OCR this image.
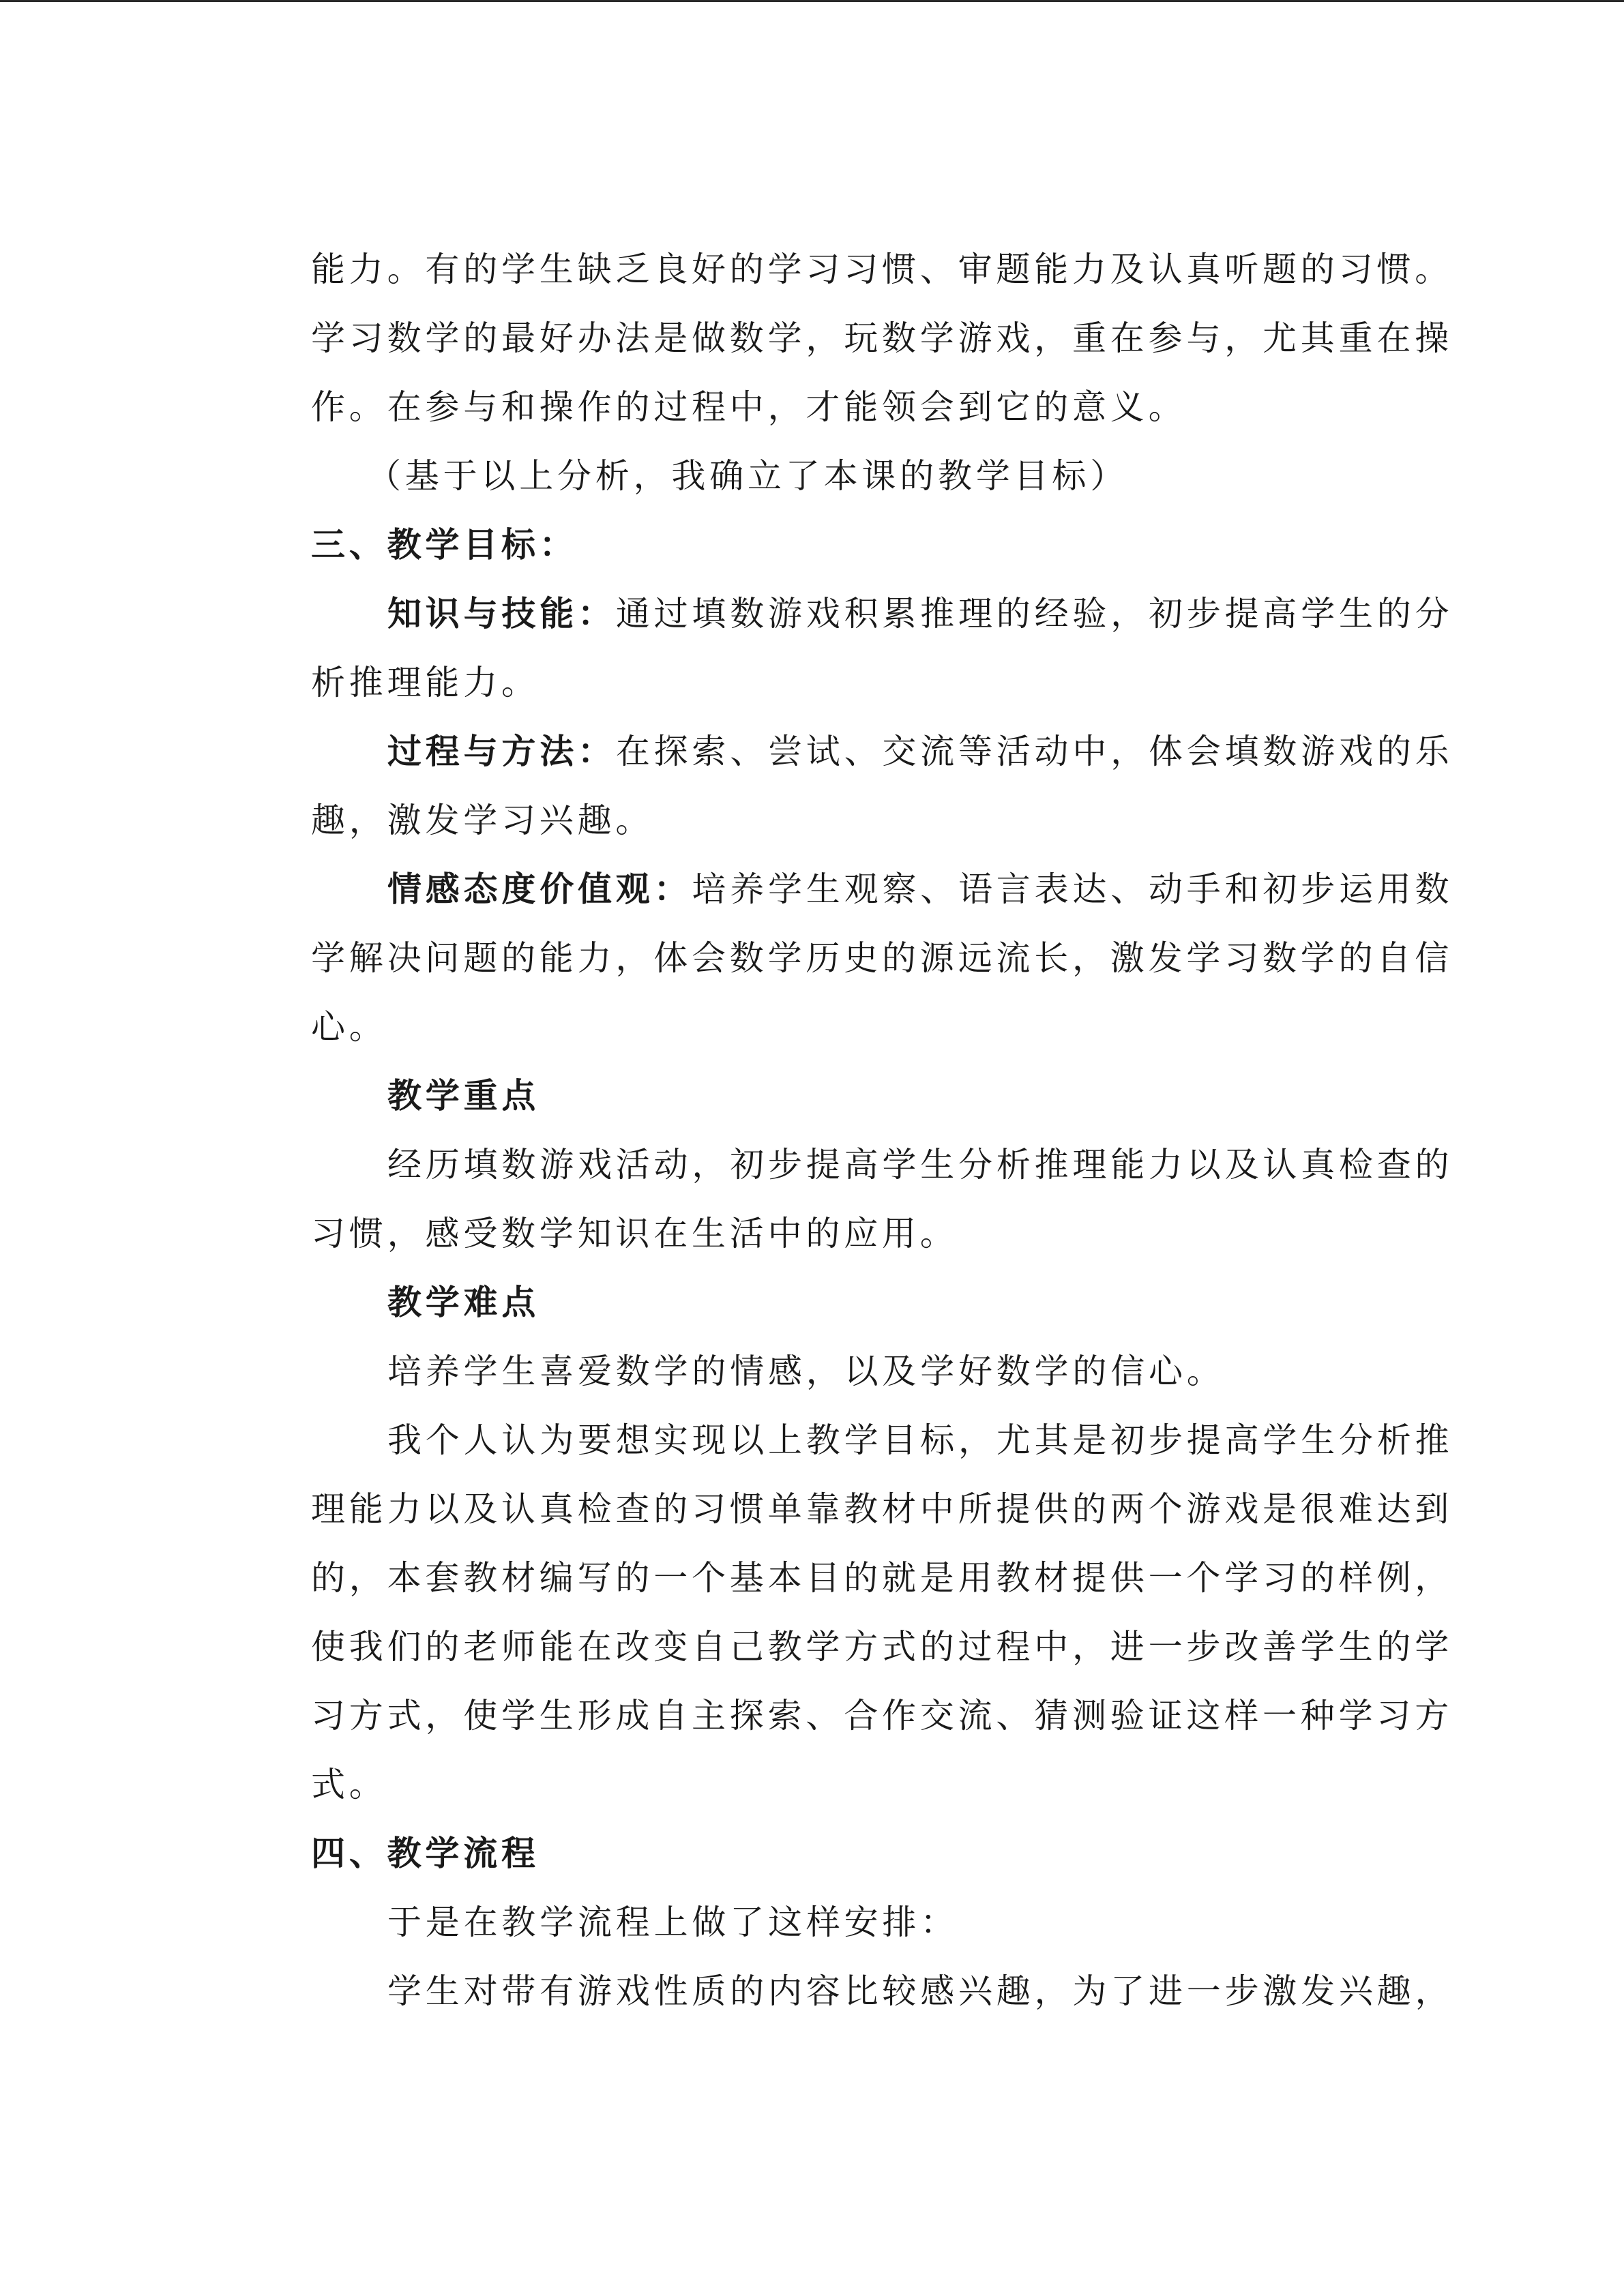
能力。有的学生缺乏良好的学习习惯、审题能力及认真听题的习惯。
学习数学的最好办法是做数学，玩数学游戏，重在参与，尤其重在操
作。在参与和操作的过程中，才能领会到它的意义。
（基于以上分析，我确立了本课的教学目标）
三、教学目标：
知识与技能：通过填数游戏积累推理的经验，初步提高学生的分
析推理能力。
过程与方法：在探索、尝试、交流等活动中，体会填数游戏的乐
趣，激发学习兴趣。
情感态度价值观：培养学生观察、语言表达、动手和初步运用数
学解决问题的能力，体会数学历史的源远流长，激发学习数学的自信
心。
教学重点
经历填数游戏活动，初步提高学生分析推理能力以及认真检查的
习惯，感受数学知识在生活中的应用。
教学难点
培养学生喜爱数学的情感，以及学好数学的信心。
我个人认为要想实现以上教学目标，尤其是初步提高学生分析推
理能力以及认真检查的习惯单靠教材中所提供的两个游戏是很难达到
的，本套教材编写的一个基本目的就是用教材提供一个学习的样例，
使我们的老师能在改变自己教学方式的过程中，进一步改善学生的学
习方式，使学生形成自主探索、合作交流、猜测验证这样一种学习方
式。
四、教学流程
于是在教学流程上做了这样安排：
学生对带有游戏性质的内容比较感兴趣，为了进一步激发兴趣，
